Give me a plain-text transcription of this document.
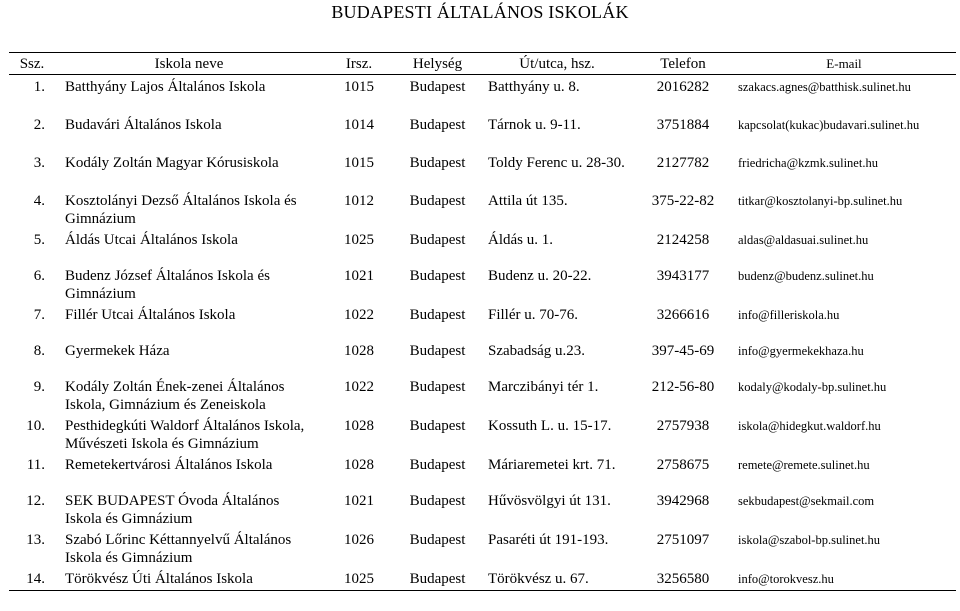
BUDAPESTI ÁLTALÁNOS ISKOLÁK
Ssz.	Iskola neve	Irsz.	Helység	Út/utca, hsz.	Telefon	E-mail
1.	Batthyány Lajos Általános Iskola	1015	Budapest	Batthyány u. 8.	2016282	szakacs.agnes@batthisk.sulinet.hu
2.	Budavári Általános Iskola	1014	Budapest	Tárnok u. 9-11.	3751884	kapcsolat(kukac)budavari.sulinet.hu
3.	Kodály Zoltán Magyar Kórusiskola	1015	Budapest	Toldy Ferenc u. 28-30.	2127782	friedricha@kzmk.sulinet.hu
4.	Kosztolányi Dezső Általános Iskola és Gimnázium	1012	Budapest	Attila út 135.	375-22-82	titkar@kosztolanyi-bp.sulinet.hu
5.	Áldás Utcai Általános Iskola	1025	Budapest	Áldás u. 1.	2124258	aldas@aldasuai.sulinet.hu
6.	Budenz József Általános Iskola és Gimnázium	1021	Budapest	Budenz u. 20-22.	3943177	budenz@budenz.sulinet.hu
7.	Fillér Utcai Általános Iskola	1022	Budapest	Fillér u. 70-76.	3266616	info@filleriskola.hu
8.	Gyermekek Háza	1028	Budapest	Szabadság u.23.	397-45-69	info@gyermekekhaza.hu
9.	Kodály Zoltán Ének-zenei Általános Iskola, Gimnázium és Zeneiskola	1022	Budapest	Marczibányi tér 1.	212-56-80	kodaly@kodaly-bp.sulinet.hu
10.	Pesthidegkúti Waldorf Általános Iskola, Művészeti Iskola és Gimnázium	1028	Budapest	Kossuth L. u. 15-17.	2757938	iskola@hidegkut.waldorf.hu
11.	Remetekertvárosi Általános Iskola	1028	Budapest	Máriaremetei krt. 71.	2758675	remete@remete.sulinet.hu
12.	SEK BUDAPEST Óvoda Általános Iskola és Gimnázium	1021	Budapest	Hűvösvölgyi út 131.	3942968	sekbudapest@sekmail.com
13.	Szabó Lőrinc Kéttannyelvű Általános Iskola és Gimnázium	1026	Budapest	Pasaréti út 191-193.	2751097	iskola@szabol-bp.sulinet.hu
14.	Törökvész Úti Általános Iskola	1025	Budapest	Törökvész u. 67.	3256580	info@torokvesz.hu
